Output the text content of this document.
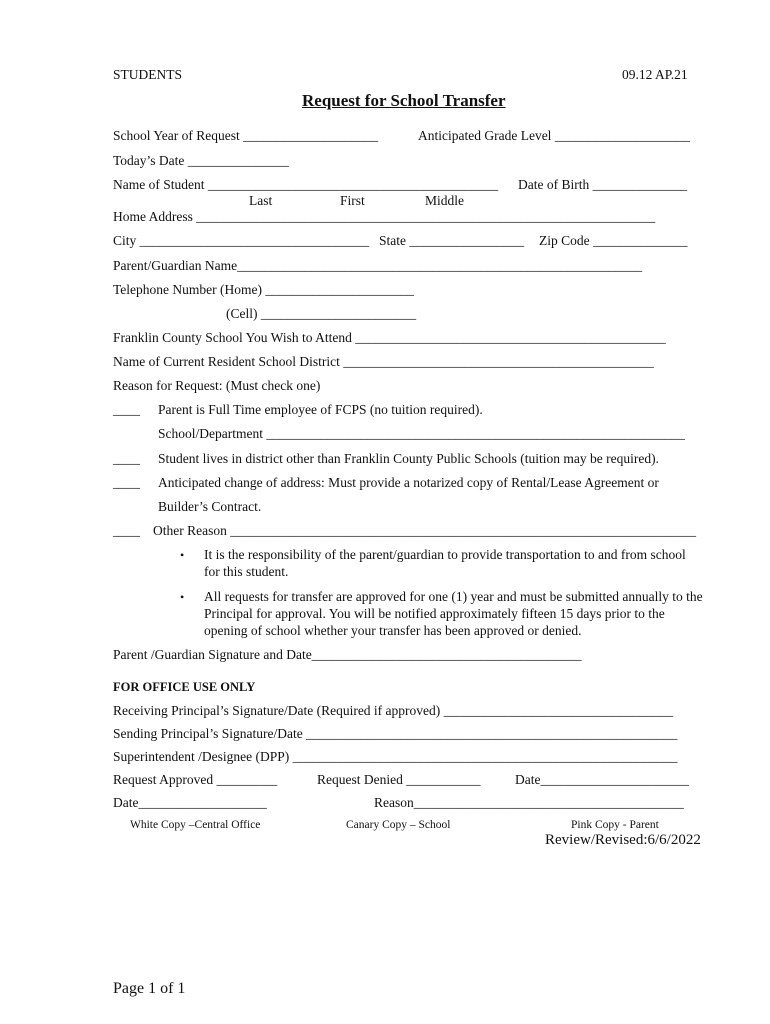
STUDENTS	09.12 AP.21
Request for School Transfer
School Year of Request ____________________	Anticipated Grade Level ____________________
Today’s Date _______________
Name of Student ___________________________________________ Date of Birth ______________
Last	First	Middle
Home Address ____________________________________________________________________
City __________________________________ State _________________ Zip Code ______________
Parent/Guardian Name____________________________________________________________
Telephone Number (Home) ______________________
(Cell) _______________________
Franklin County School You Wish to Attend ______________________________________________
Name of Current Resident School District ______________________________________________
Reason for Request: (Must check one)
____ Parent is Full Time employee of FCPS (no tuition required).
School/Department ______________________________________________________________
____ Student lives in district other than Franklin County Public Schools (tuition may be required).
____ Anticipated change of address: Must provide a notarized copy of Rental/Lease Agreement or
Builder’s Contract.
____ Other Reason _____________________________________________________________________
• It is the responsibility of the parent/guardian to provide transportation to and from school for this student.
• All requests for transfer are approved for one (1) year and must be submitted annually to the Principal for approval. You will be notified approximately fifteen 15 days prior to the opening of school whether your transfer has been approved or denied.
Parent /Guardian Signature and Date________________________________________
FOR OFFICE USE ONLY
Receiving Principal’s Signature/Date (Required if approved) __________________________________
Sending Principal’s Signature/Date _______________________________________________________
Superintendent /Designee (DPP) _________________________________________________________
Request Approved _________	Request Denied ___________	Date______________________
Date___________________	Reason________________________________________
White Copy –Central Office	Canary Copy – School	Pink Copy - Parent
Review/Revised:6/6/2022
Page 1 of 1
